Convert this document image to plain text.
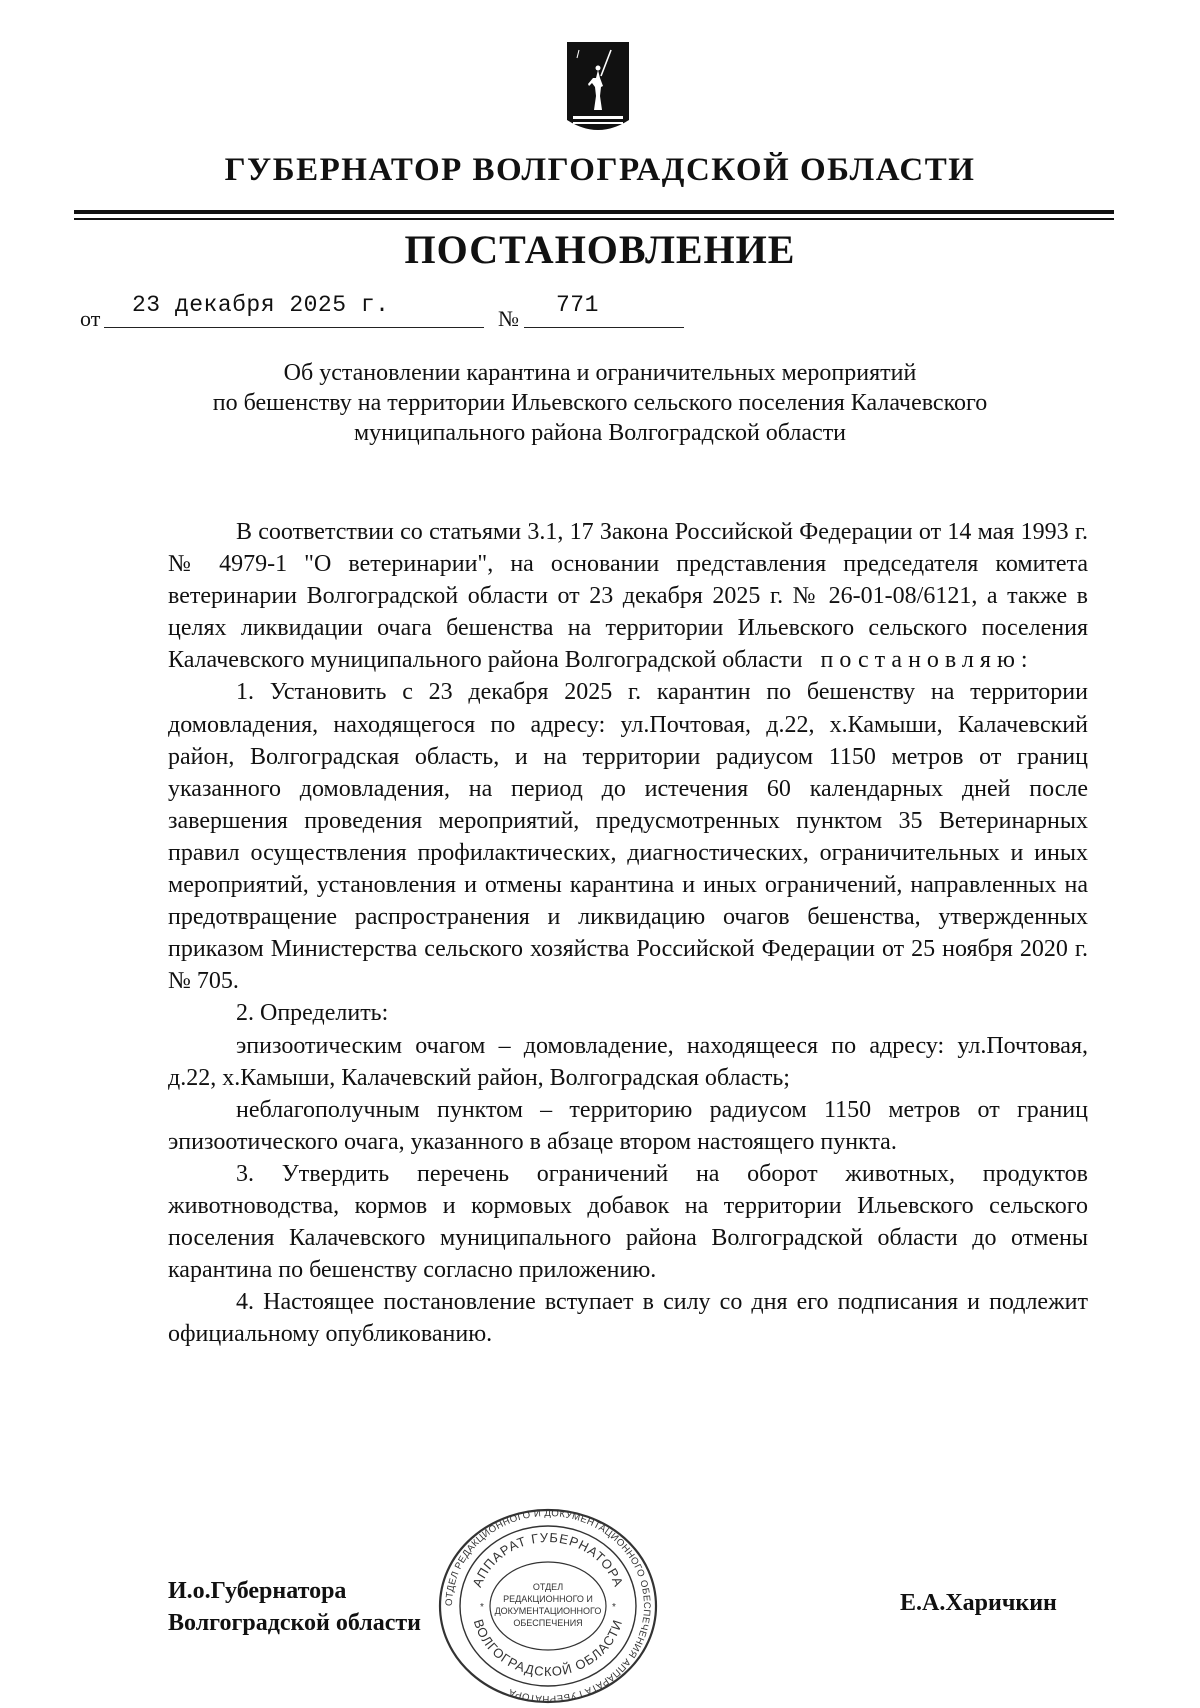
ГУБЕРНАТОР ВОЛГОГРАДСКОЙ ОБЛАСТИ
ПОСТАНОВЛЕНИЕ
от
23 декабря 2025 г.
№
771
Об установлении карантина и ограничительных мероприятий
по бешенству на территории Ильевского сельского поселения Калачевского
муниципального района Волгоградской области

В соответствии со статьями 3.1, 17 Закона Российской Федерации от 14 мая 1993 г. № 4979-1 "О ветеринарии", на основании представления председателя комитета ветеринарии Волгоградской области от 23 декабря 2025 г. № 26-01-08/6121, а также в целях ликвидации очага бешенства на территории Ильевского сельского поселения Калачевского муниципального района Волгоградской области постановляю:

1. Установить с 23 декабря 2025 г. карантин по бешенству на территории домовладения, находящегося по адресу: ул.Почтовая, д.22, х.Камыши, Калачевский район, Волгоградская область, и на территории радиусом 1150 метров от границ указанного домовладения, на период до истечения 60 календарных дней после завершения проведения мероприятий, предусмотренных пунктом 35 Ветеринарных правил осуществления профилактических, диагностических, ограничительных и иных мероприятий, установления и отмены карантина и иных ограничений, направленных на предотвращение распространения и ликвидацию очагов бешенства, утвержденных приказом Министерства сельского хозяйства Российской Федерации от 25 ноября 2020 г. № 705.

2. Определить:

эпизоотическим очагом – домовладение, находящееся по адресу: ул.Почтовая, д.22, х.Камыши, Калачевский район, Волгоградская область;

неблагополучным пунктом – территорию радиусом 1150 метров от границ эпизоотического очага, указанного в абзаце втором настоящего пункта.

3. Утвердить перечень ограничений на оборот животных, продуктов животноводства, кормов и кормовых добавок на территории Ильевского сельского поселения Калачевского муниципального района Волгоградской области до отмены карантина по бешенству согласно приложению.

4. Настоящее постановление вступает в силу со дня его подписания и подлежит официальному опубликованию.

И.о.Губернатора
Волгоградской области
Е.А.Харичкин
ОТДЕЛ РЕДАКЦИОННОГО И ДОКУМЕНТАЦИОННОГО ОБЕСПЕЧЕНИЯ АППАРАТА ГУБЕРНАТОРА
АППАРАТ ГУБЕРНАТОРА
ВОЛГОГРАДСКОЙ ОБЛАСТИ
ОТДЕЛ
РЕДАКЦИОННОГО И
ДОКУМЕНТАЦИОННОГО
ОБЕСПЕЧЕНИЯ
*	*
